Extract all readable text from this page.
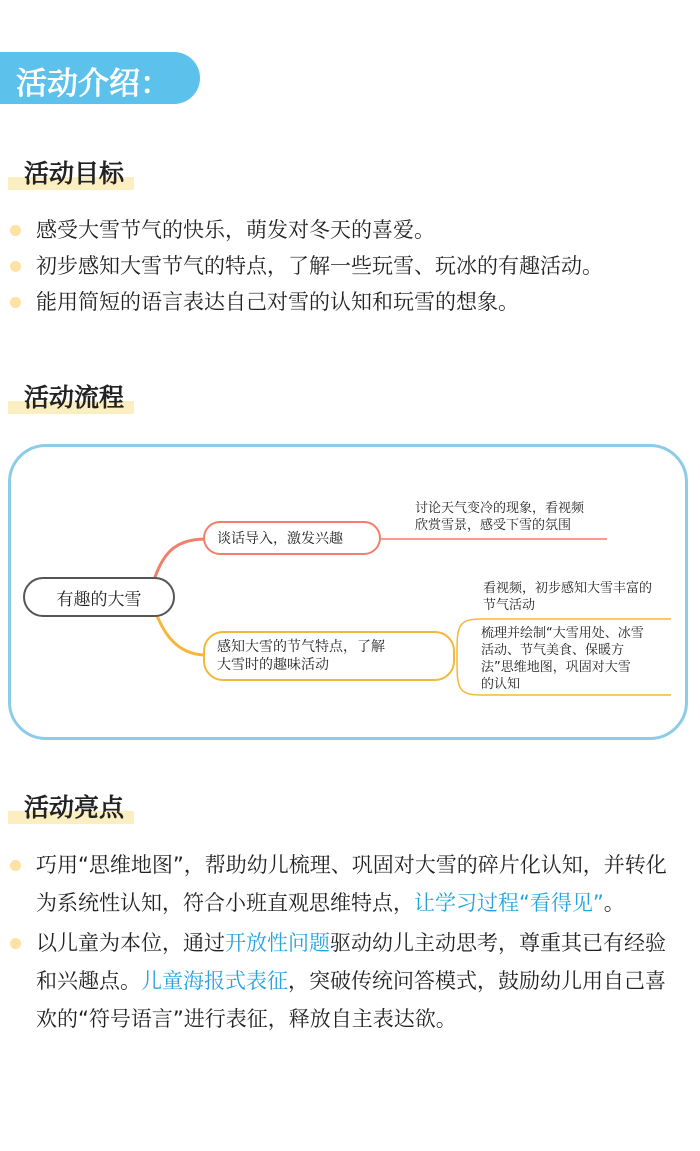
活动介绍：
活动目标
感受大雪节气的快乐，萌发对冬天的喜爱。
初步感知大雪节气的特点，了解一些玩雪、玩冰的有趣活动。
能用简短的语言表达自己对雪的认知和玩雪的想象。
活动流程
有趣的大雪
谈话导入，激发兴趣
讨论天气变冷的现象，看视频
欣赏雪景，感受下雪的氛围
感知大雪的节气特点，了解
大雪时的趣味活动
看视频，初步感知大雪丰富的
节气活动
梳理并绘制“大雪用处、冰雪
活动、节气美食、保暖方
法”思维地图，巩固对大雪
的认知
活动亮点
巧用“思维地图”，帮助幼儿梳理、巩固对大雪的碎片化认知，并转化为系统性认知，符合小班直观思维特点，让学习过程“看得见”。
以儿童为本位，通过开放性问题驱动幼儿主动思考，尊重其已有经验和兴趣点。儿童海报式表征，突破传统问答模式，鼓励幼儿用自己喜欢的“符号语言”进行表征，释放自主表达欲。
